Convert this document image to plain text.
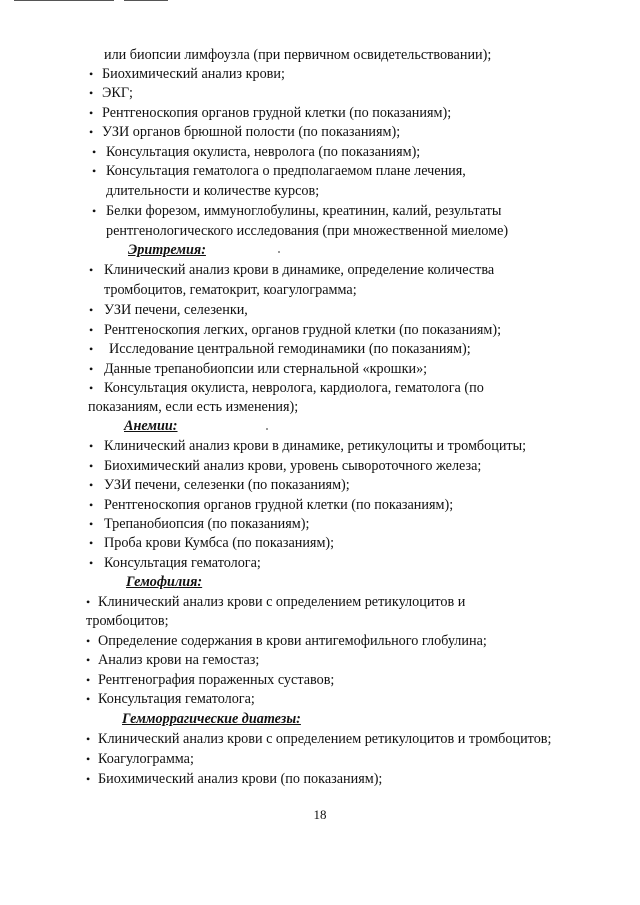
или биопсии лимфоузла (при первичном освидетельствовании);
• Биохимический анализ крови;
• ЭКГ;
• Рентгеноскопия органов грудной клетки (по показаниям);
• УЗИ органов брюшной полости (по показаниям);
• Консультация окулиста, невролога (по показаниям);
• Консультация гематолога о предполагаемом плане лечения,
длительности и количестве курсов;
• Белки форезом, иммуноглобулины, креатинин, калий, результаты
рентгенологического исследования (при множественной миеломе)
Эритремия:
• Клинический анализ крови в динамике, определение количества
тромбоцитов, гематокрит, коагулограмма;
• УЗИ печени, селезенки,
• Рентгеноскопия легких, органов грудной клетки (по показаниям);
• Исследование центральной гемодинамики (по показаниям);
• Данные трепанобиопсии или стернальной «крошки»;
• Консультация окулиста, невролога, кардиолога, гематолога (по
показаниям, если есть изменения);
Анемии:
• Клинический анализ крови в динамике, ретикулоциты и тромбоциты;
• Биохимический анализ крови, уровень сывороточного железа;
• УЗИ печени, селезенки (по показаниям);
• Рентгеноскопия органов грудной клетки (по показаниям);
• Трепанобиопсия (по показаниям);
• Проба крови Кумбса (по показаниям);
• Консультация гематолога;
Гемофилия:
• Клинический анализ крови с определением ретикулоцитов и
тромбоцитов;
• Определение содержания в крови антигемофильного глобулина;
• Анализ крови на гемостаз;
• Рентгенография пораженных суставов;
• Консультация гематолога;
Геммоppагические диатезы:
• Клинический анализ крови с определением ретикулоцитов и тромбоцитов;
• Коагулограмма;
• Биохимический анализ крови (по показаниям);
18
